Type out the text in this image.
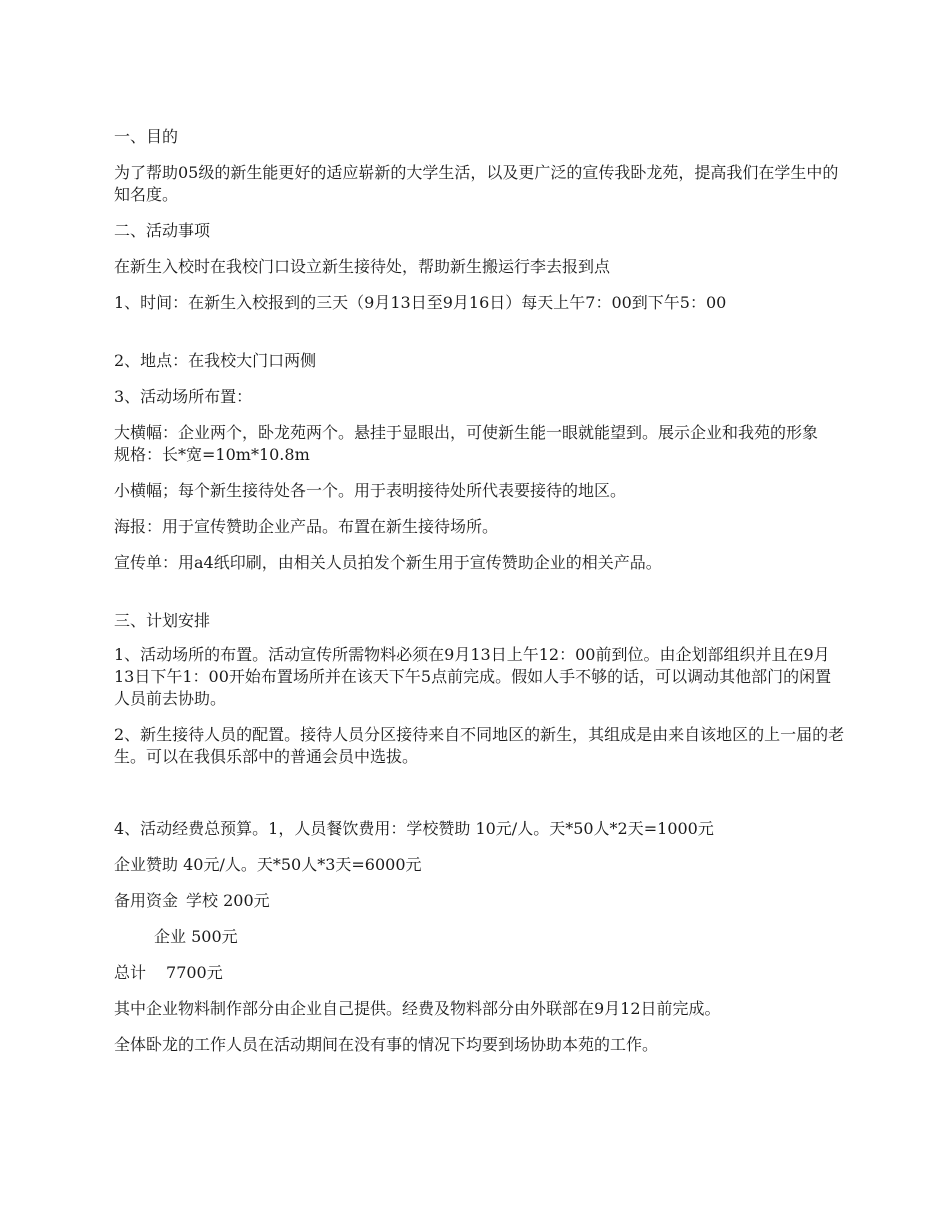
一、目的

为了帮助05级的新生能更好的适应崭新的大学生活，以及更广泛的宣传我卧龙苑，提高我们在学生中的知名度。

二、活动事项

在新生入校时在我校门口设立新生接待处，帮助新生搬运行李去报到点

1、时间：在新生入校报到的三天（9月13日至9月16日）每天上午7：00到下午5：00

2、地点：在我校大门口两侧

3、活动场所布置：

大横幅：企业两个，卧龙苑两个。悬挂于显眼出，可使新生能一眼就能望到。展示企业和我苑的形象规格：长*宽=10m*10.8m

小横幅；每个新生接待处各一个。用于表明接待处所代表要接待的地区。

海报：用于宣传赞助企业产品。布置在新生接待场所。

宣传单：用a4纸印刷，由相关人员拍发个新生用于宣传赞助企业的相关产品。

三、计划安排

1、活动场所的布置。活动宣传所需物料必须在9月13日上午12：00前到位。由企划部组织并且在9月13日下午1：00开始布置场所并在该天下午5点前完成。假如人手不够的话，可以调动其他部门的闲置人员前去协助。

2、新生接待人员的配置。接待人员分区接待来自不同地区的新生，其组成是由来自该地区的上一届的老生。可以在我俱乐部中的普通会员中选拔。

4、活动经费总预算。1，人员餐饮费用：学校赞助 10元/人。天*50人*2天=1000元

企业赞助 40元/人。天*50人*3天=6000元

备用资金 学校 200元

企业 500元

总计 7700元

其中企业物料制作部分由企业自己提供。经费及物料部分由外联部在9月12日前完成。

全体卧龙的工作人员在活动期间在没有事的情况下均要到场协助本苑的工作。
